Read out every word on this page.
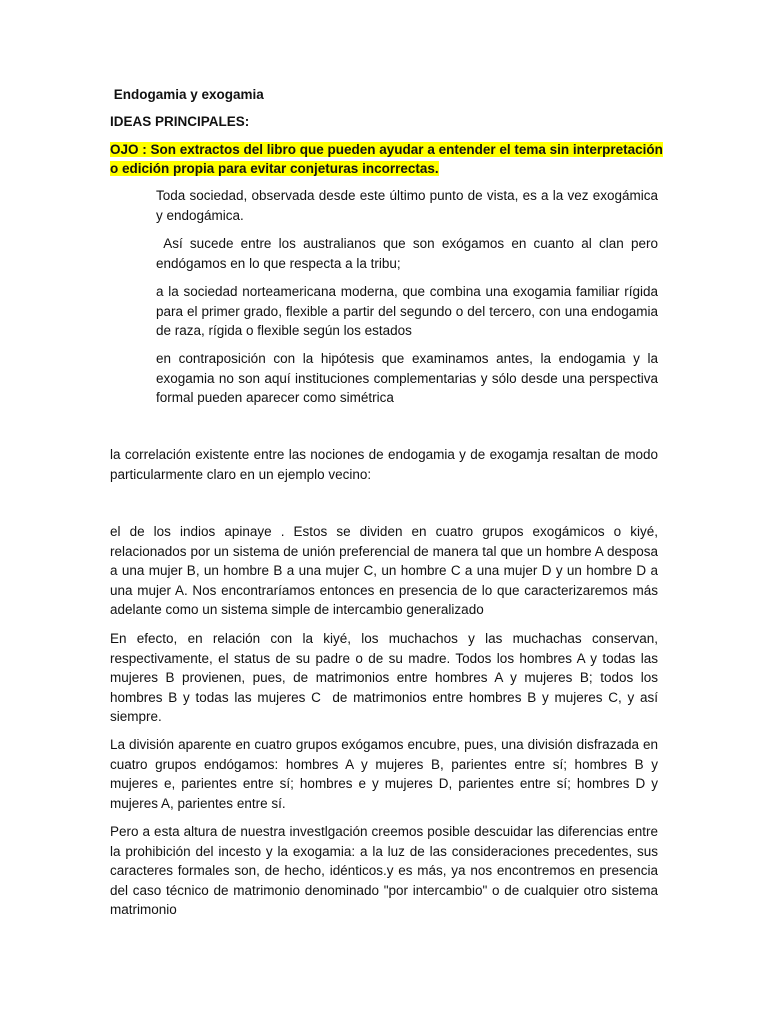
Endogamia y exogamia
IDEAS PRINCIPALES:
OJO : Son extractos del libro que pueden ayudar a entender el tema sin interpretación o edición propia para evitar conjeturas incorrectas.
Toda sociedad, observada desde este último punto de vista, es a la vez exogámica y endogámica.
Así sucede entre los australianos que son exógamos en cuanto al clan pero endógamos en lo que respecta a la tribu;
a la sociedad norteamericana moderna, que combina una exogamia familiar rígida para el primer grado, flexible a partir del segundo o del tercero, con una endogamia de raza, rígida o flexible según los estados
en contraposición con la hipótesis que examinamos antes, la endogamia y la exogamia no son aquí instituciones complementarias y sólo desde una perspectiva formal pueden aparecer como simétrica
la correlación existente entre las nociones de endogamia y de exogamja resaltan de modo particularmente claro en un ejemplo vecino:
el de los indios apinaye . Estos se dividen en cuatro grupos exogámicos o kiyé, relacionados por un sistema de unión preferencial de manera tal que un hombre A desposa a una mujer B, un hombre B a una mujer C, un hombre C a una mujer D y un hombre D a una mujer A. Nos encontraríamos entonces en presencia de lo que caracterizaremos más adelante como un sistema simple de intercambio generalizado
En efecto, en relación con la kiyé, los muchachos y las muchachas conservan, respectivamente, el status de su padre o de su madre. Todos los hombres A y todas las mujeres B provienen, pues, de matrimonios entre hombres A y mujeres B; todos los hombres B y todas las mujeres C  de matrimonios entre hombres B y mujeres C, y así siempre.
La división aparente en cuatro grupos exógamos encubre, pues, una división disfrazada en cuatro grupos endógamos: hombres A y mujeres B, parientes entre sí; hombres B y mujeres e, parientes entre sí; hombres e y mujeres D, parientes entre sí; hombres D y mujeres A, parientes entre sí.
Pero a esta altura de nuestra investlgación creemos posible descuidar las diferencias entre la prohibición del incesto y la exogamia: a la luz de las consideraciones precedentes, sus caracteres formales son, de hecho, idénticos.y es más, ya nos encontremos en presencia del caso técnico de matrimonio denominado "por intercambio" o de cualquier otro sistema matrimonio
